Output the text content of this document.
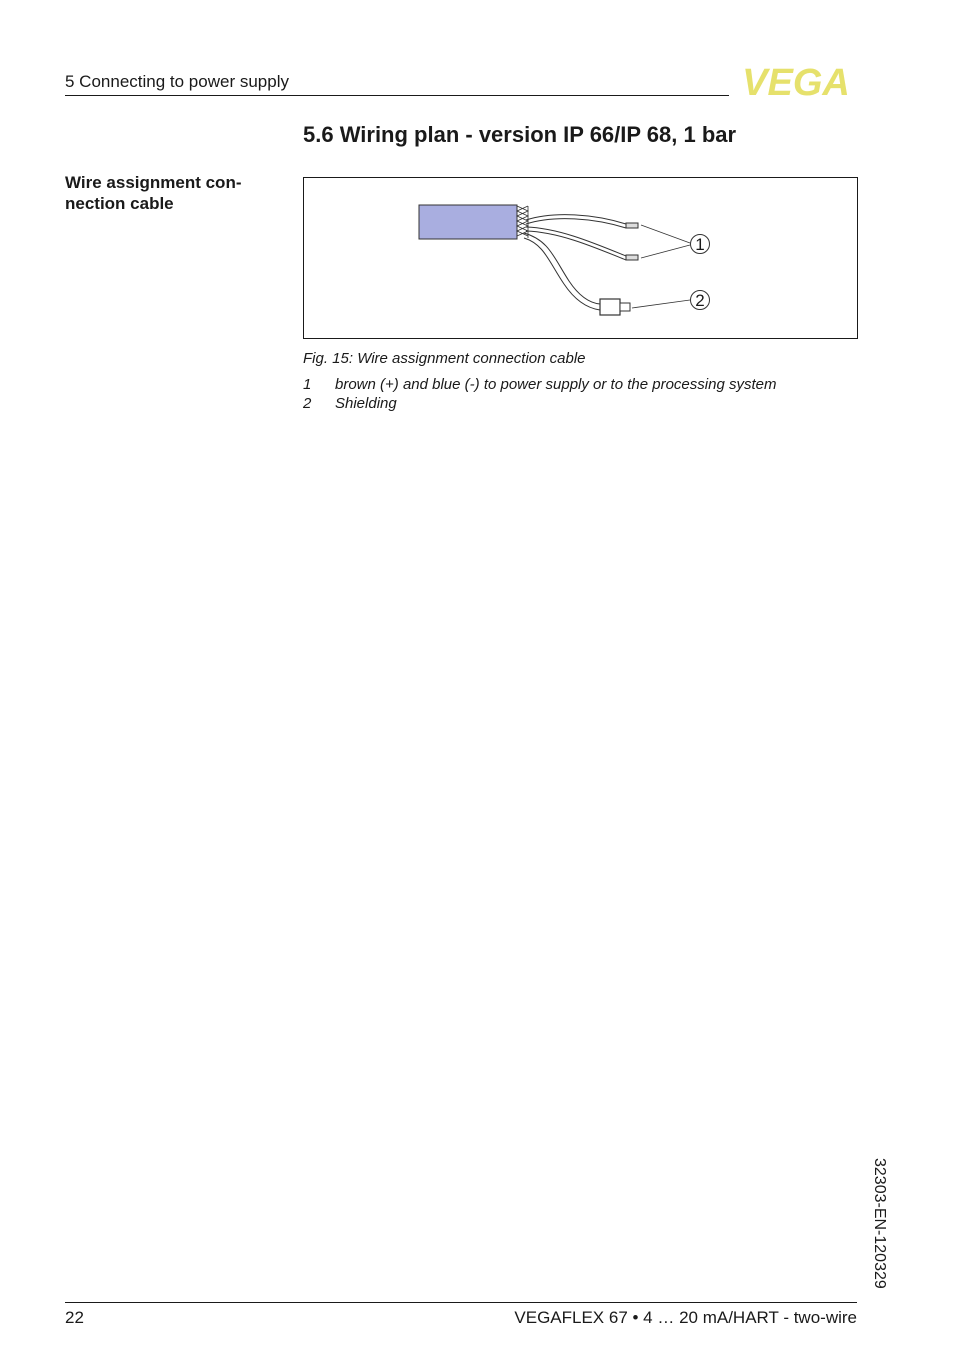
5 Connecting to power supply	VEGA
5.6 Wiring plan - version IP 66/IP 68, 1 bar
Wire assignment con-nection cable
1
2
Fig. 15: Wire assignment connection cable
1 brown (+) and blue (-) to power supply or to the processing system
2 Shielding
32303-EN-120329
22	VEGAFLEX 67 • 4 … 20 mA/HART - two-wire
